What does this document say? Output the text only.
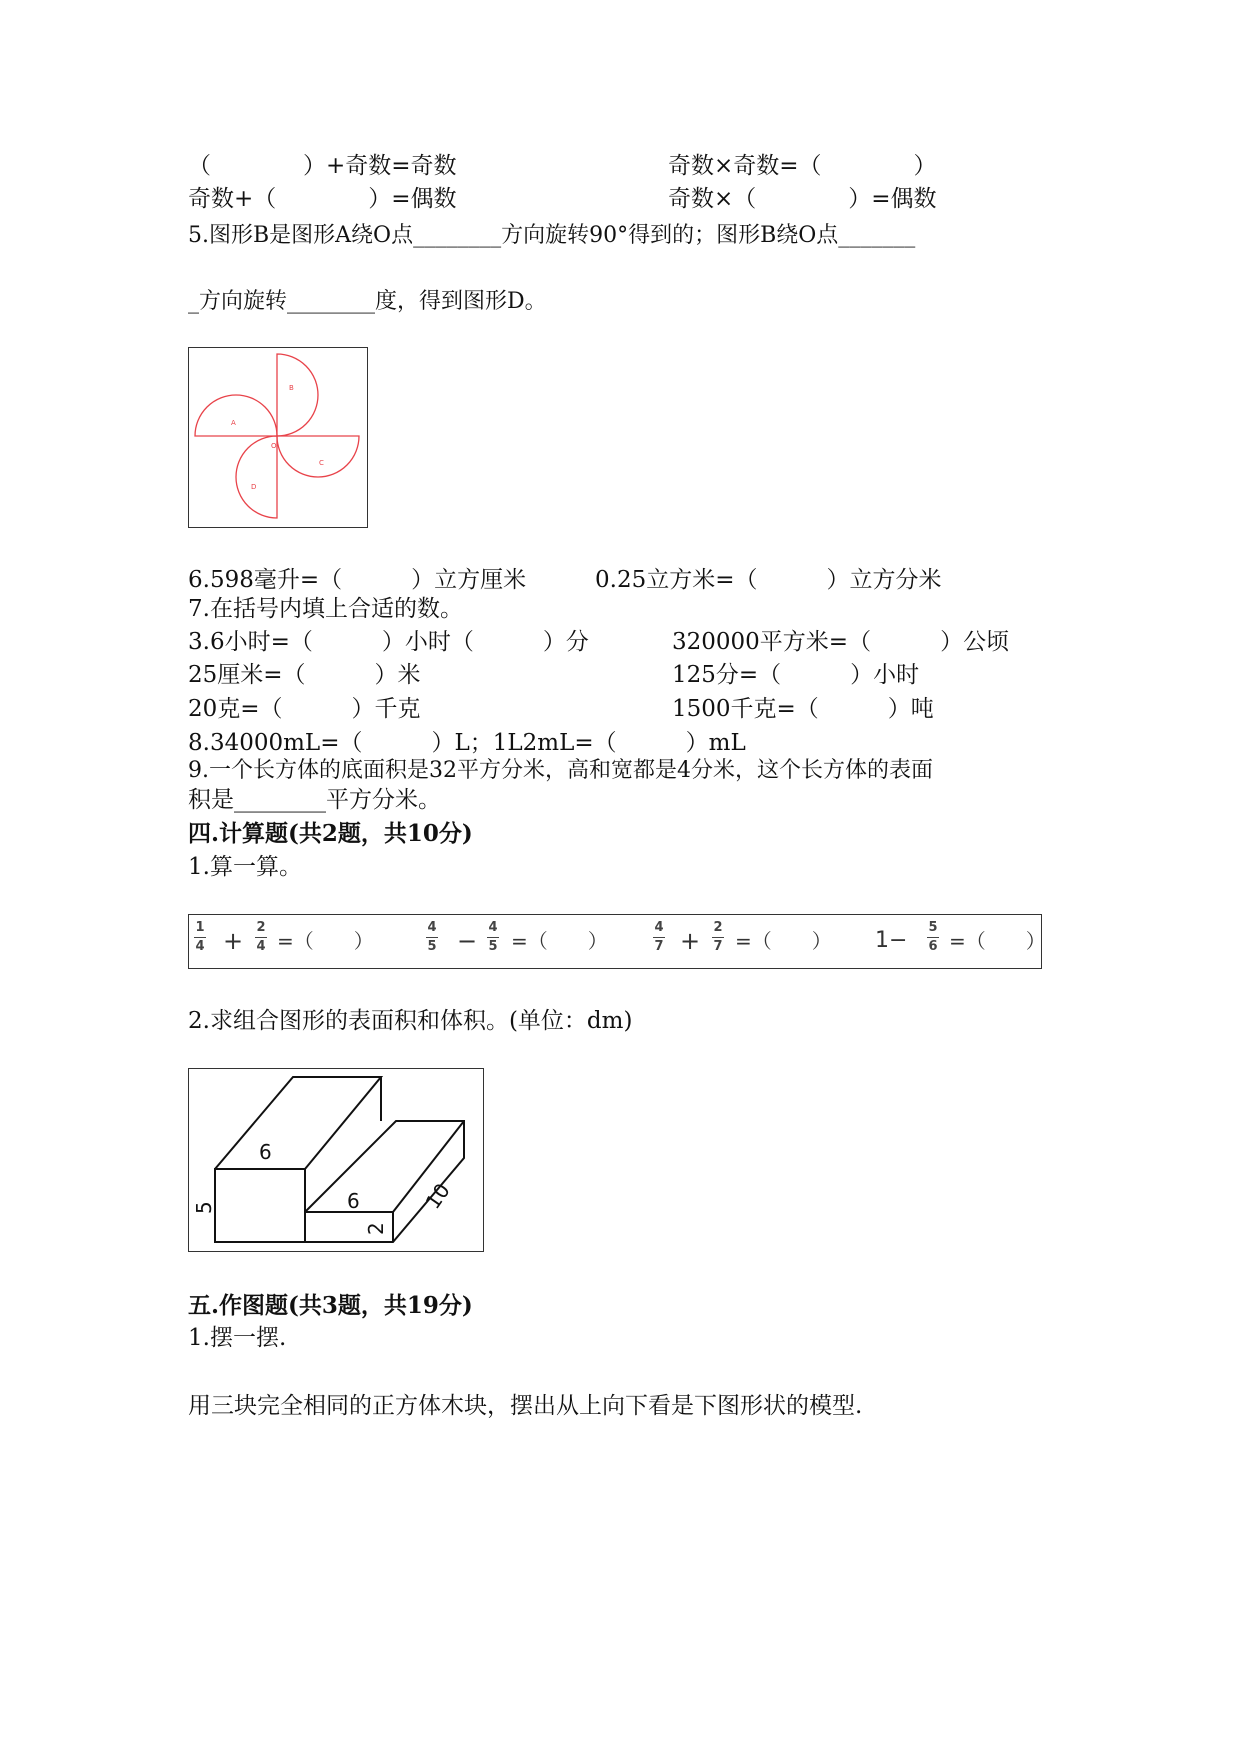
（　　　　）+奇数=奇数	奇数×奇数=（　　　　）
奇数+（　　　　）=偶数	奇数×（　　　　）=偶数
5.图形B是图形A绕O点________方向旋转90°得到的；图形B绕O点_______
_方向旋转________度，得到图形D。
A
B
C
D
O
6.598毫升=（　　　）立方厘米	0.25立方米=（　　　）立方分米
7.在括号内填上合适的数。
3.6小时=（　　　）小时（　　　）分	320000平方米=（　　　）公顷
25厘米=（　　　）米	125分=（　　　）小时
20克=（　　　）千克	1500千克=（　　　）吨
8.34000mL=（　　　）L；1L2mL=（　　　）mL
9.一个长方体的底面积是32平方分米，高和宽都是4分米，这个长方体的表面
积是________平方分米。
四.计算题(共2题，共10分)
1.算一算。
1
4 + 2
4 =（　　）
4
5 − 4
5 =（　　）
4
7 + 2
7 =（　　） 1−
5
6 =（　　）
2.求组合图形的表面积和体积。(单位：dm)
6
6
5
2
10
五.作图题(共3题，共19分)
1.摆一摆.
用三块完全相同的正方体木块，摆出从上向下看是下图形状的模型.
